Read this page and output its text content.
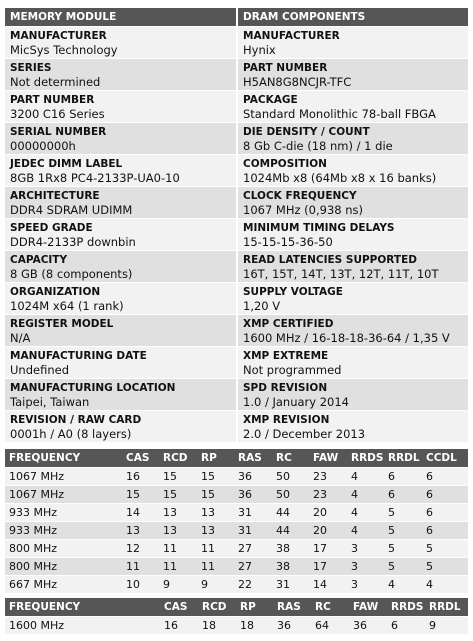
MEMORY MODULE	DRAM COMPONENTS
MANUFACTURER
MicSys Technology
SERIES
Not determined
PART NUMBER
3200 C16 Series
SERIAL NUMBER
00000000h
JEDEC DIMM LABEL
8GB 1Rx8 PC4-2133P-UA0-10
ARCHITECTURE
DDR4 SDRAM UDIMM
SPEED GRADE
DDR4-2133P downbin
CAPACITY
8 GB (8 components)
ORGANIZATION
1024M x64 (1 rank)
REGISTER MODEL
N/A
MANUFACTURING DATE
Undefined
MANUFACTURING LOCATION
Taipei, Taiwan
REVISION / RAW CARD
0001h / A0 (8 layers)
MANUFACTURER
Hynix
PART NUMBER
H5AN8G8NCJR-TFC
PACKAGE
Standard Monolithic 78-ball FBGA
DIE DENSITY / COUNT
8 Gb C-die (18 nm) / 1 die
COMPOSITION
1024Mb x8 (64Mb x8 x 16 banks)
CLOCK FREQUENCY
1067 MHz (0,938 ns)
MINIMUM TIMING DELAYS
15-15-15-36-50
READ LATENCIES SUPPORTED
16T, 15T, 14T, 13T, 12T, 11T, 10T
SUPPLY VOLTAGE
1,20 V
XMP CERTIFIED
1600 MHz / 16-18-18-36-64 / 1,35 V
XMP EXTREME
Not programmed
SPD REVISION
1.0 / January 2014
XMP REVISION
2.0 / December 2013
FREQUENCY	CAS	RCD	RP	RAS	RC	FAW	RRDS	RRDL	CCDL
1067 MHz	16	15	15	36	50	23	4	6	6
1067 MHz	15	15	15	36	50	23	4	6	6
933 MHz	14	13	13	31	44	20	4	5	6
933 MHz	13	13	13	31	44	20	4	5	6
800 MHz	12	11	11	27	38	17	3	5	5
800 MHz	11	11	11	27	38	17	3	5	5
667 MHz	10	9	9	22	31	14	3	4	4
FREQUENCY	CAS	RCD	RP	RAS	RC	FAW	RRDS	RRDL
1600 MHz	16	18	18	36	64	36	6	9
